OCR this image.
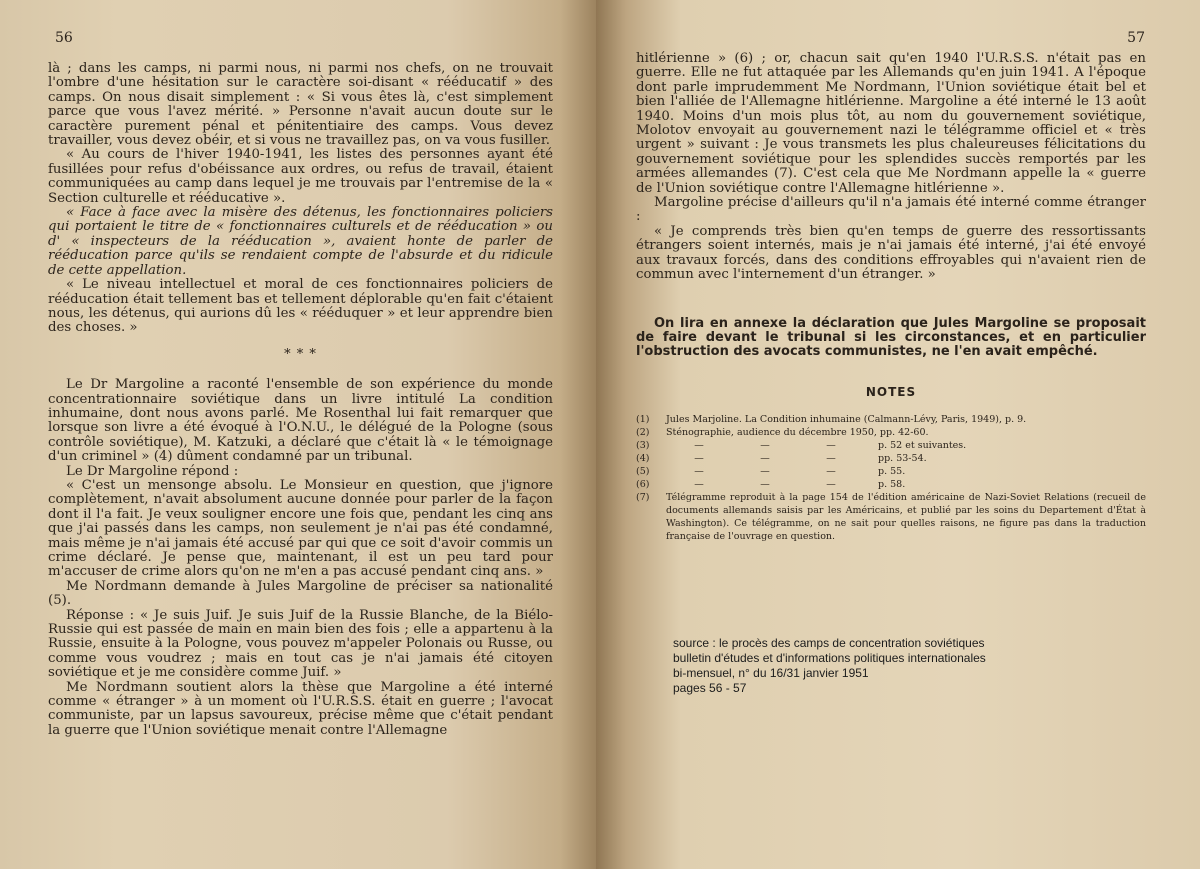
56

là ; dans les camps, ni parmi nous, ni parmi nos chefs, on ne trouvait l'ombre d'une hésitation sur le caractère soi-disant « rééducatif » des camps. On nous disait simplement : « Si vous êtes là, c'est simplement parce que vous l'avez mérité. » Personne n'avait aucun doute sur le caractère purement pénal et pénitentiaire des camps. Vous devez travailler, vous devez obéir, et si vous ne travaillez pas, on va vous fusiller.

« Au cours de l'hiver 1940-1941, les listes des personnes ayant été fusillées pour refus d'obéissance aux ordres, ou refus de travail, étaient communiquées au camp dans lequel je me trouvais par l'entremise de la « Section culturelle et rééducative ».

« Face à face avec la misère des détenus, les fonctionnaires policiers qui portaient le titre de « fonctionnaires culturels et de rééducation » ou d' « inspecteurs de la rééducation », avaient honte de parler de rééducation parce qu'ils se rendaient compte de l'absurde et du ridicule de cette appellation.

« Le niveau intellectuel et moral de ces fonctionnaires policiers de rééducation était tellement bas et tellement déplorable qu'en fait c'étaient nous, les détenus, qui aurions dû les « rééduquer » et leur apprendre bien des choses. »

* * *

Le Dr Margoline a raconté l'ensemble de son expérience du monde concentrationnaire soviétique dans un livre intitulé La condition inhumaine, dont nous avons parlé. Me Rosenthal lui fait remarquer que lorsque son livre a été évoqué à l'O.N.U., le délégué de la Pologne (sous contrôle soviétique), M. Katzuki, a déclaré que c'était là « le témoignage d'un criminel » (4) dûment condamné par un tribunal.

Le Dr Margoline répond :

« C'est un mensonge absolu. Le Monsieur en question, que j'ignore complètement, n'avait absolument aucune donnée pour parler de la façon dont il l'a fait. Je veux souligner encore une fois que, pendant les cinq ans que j'ai passés dans les camps, non seulement je n'ai pas été condamné, mais même je n'ai jamais été accusé par qui que ce soit d'avoir commis un crime déclaré. Je pense que, maintenant, il est un peu tard pour m'accuser de crime alors qu'on ne m'en a pas accusé pendant cinq ans. »

Me Nordmann demande à Jules Margoline de préciser sa nationalité (5).

Réponse : « Je suis Juif. Je suis Juif de la Russie Blanche, de la Biélo-Russie qui est passée de main en main bien des fois ; elle a appartenu à la Russie, ensuite à la Pologne, vous pouvez m'appeler Polonais ou Russe, ou comme vous voudrez ; mais en tout cas je n'ai jamais été citoyen soviétique et je me considère comme Juif. »

Me Nordmann soutient alors la thèse que Margoline a été interné comme « étranger » à un moment où l'U.R.S.S. était en guerre ; l'avocat communiste, par un lapsus savoureux, précise même que c'était pendant la guerre que l'Union soviétique menait contre l'Allemagne

57

hitlérienne » (6) ; or, chacun sait qu'en 1940 l'U.R.S.S. n'était pas en guerre. Elle ne fut attaquée par les Allemands qu'en juin 1941. A l'époque dont parle imprudemment Me Nordmann, l'Union soviétique était bel et bien l'alliée de l'Allemagne hitlérienne. Margoline a été interné le 13 août 1940. Moins d'un mois plus tôt, au nom du gouvernement soviétique, Molotov envoyait au gouvernement nazi le télégramme officiel et « très urgent » suivant : Je vous transmets les plus chaleureuses félicitations du gouvernement soviétique pour les splendides succès remportés par les armées allemandes (7). C'est cela que Me Nordmann appelle la « guerre de l'Union soviétique contre l'Allemagne hitlérienne ».

Margoline précise d'ailleurs qu'il n'a jamais été interné comme étranger :

« Je comprends très bien qu'en temps de guerre des ressortissants étrangers soient internés, mais je n'ai jamais été interné, j'ai été envoyé aux travaux forcés, dans des conditions effroyables qui n'avaient rien de commun avec l'internement d'un étranger. »

On lira en annexe la déclaration que Jules Margoline se proposait de faire devant le tribunal si les circonstances, et en particulier l'obstruction des avocats communistes, ne l'en avait empêché.

NOTES
(1)	Jules Marjoline. La Condition inhumaine (Calmann-Lévy, Paris, 1949), p. 9.
(2)	Sténographie, audience du décembre 1950, pp. 42-60.
(3)	—	—	—	p. 52 et suivantes.
(4)	—	—	—	pp. 53-54.
(5)	—	—	—	p. 55.
(6)	—	—	—	p. 58.
(7)	Télégramme reproduit à la page 154 de l'édition américaine de Nazi-Soviet Relations (recueil de documents allemands saisis par les Américains, et publié par les soins du Departement d'État à Washington). Ce télégramme, on ne sait pour quelles raisons, ne figure pas dans la traduction française de l'ouvrage en question.
source : le procès des camps de concentration soviétiques
bulletin d'études et d'informations politiques internationales
bi-mensuel, n° du 16/31 janvier 1951
pages 56 - 57
